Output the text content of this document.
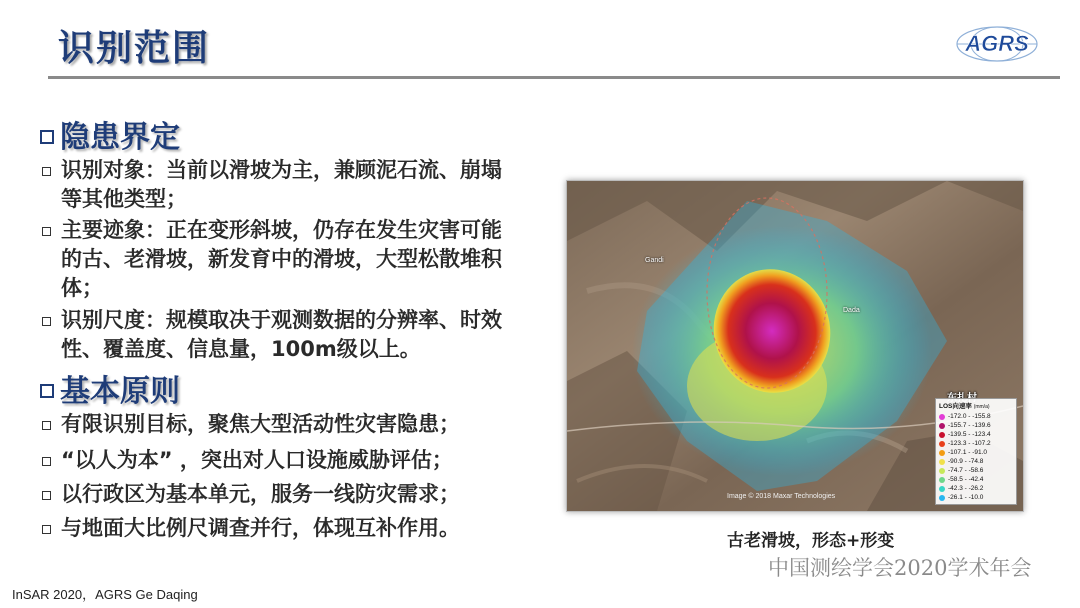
识别范围	AGRS
隐患界定
识别对象：当前以滑坡为主，兼顾泥石流、崩塌等其他类型；
主要迹象：正在变形斜坡，仍存在发生灾害可能的古、老滑坡，新发育中的滑坡，大型松散堆积体；
识别尺度：规模取决于观测数据的分辨率、时效性、覆盖度、信息量，100m级以上。
基本原则
有限识别目标，聚焦大型活动性灾害隐患；
“以人为本” ，突出对人口设施威胁评估；
以行政区为基本单元，服务一线防灾需求；
与地面大比例尺调查并行，体现互补作用。
Gandi
Dada
Image © 2018 Maxar Technologies
LOS向速率 (mm/a)
-172.0 - -155.8
-155.7 - -139.6
-139.5 - -123.4
-123.3 - -107.2
-107.1 - -91.0
-90.9 - -74.8
-74.7 - -58.6
-58.5 - -42.4
-42.3 - -26.2
-26.1 - -10.0
古老滑坡，形态+形变
中国测绘学会2020学术年会
InSAR 2020，AGRS Ge Daqing
